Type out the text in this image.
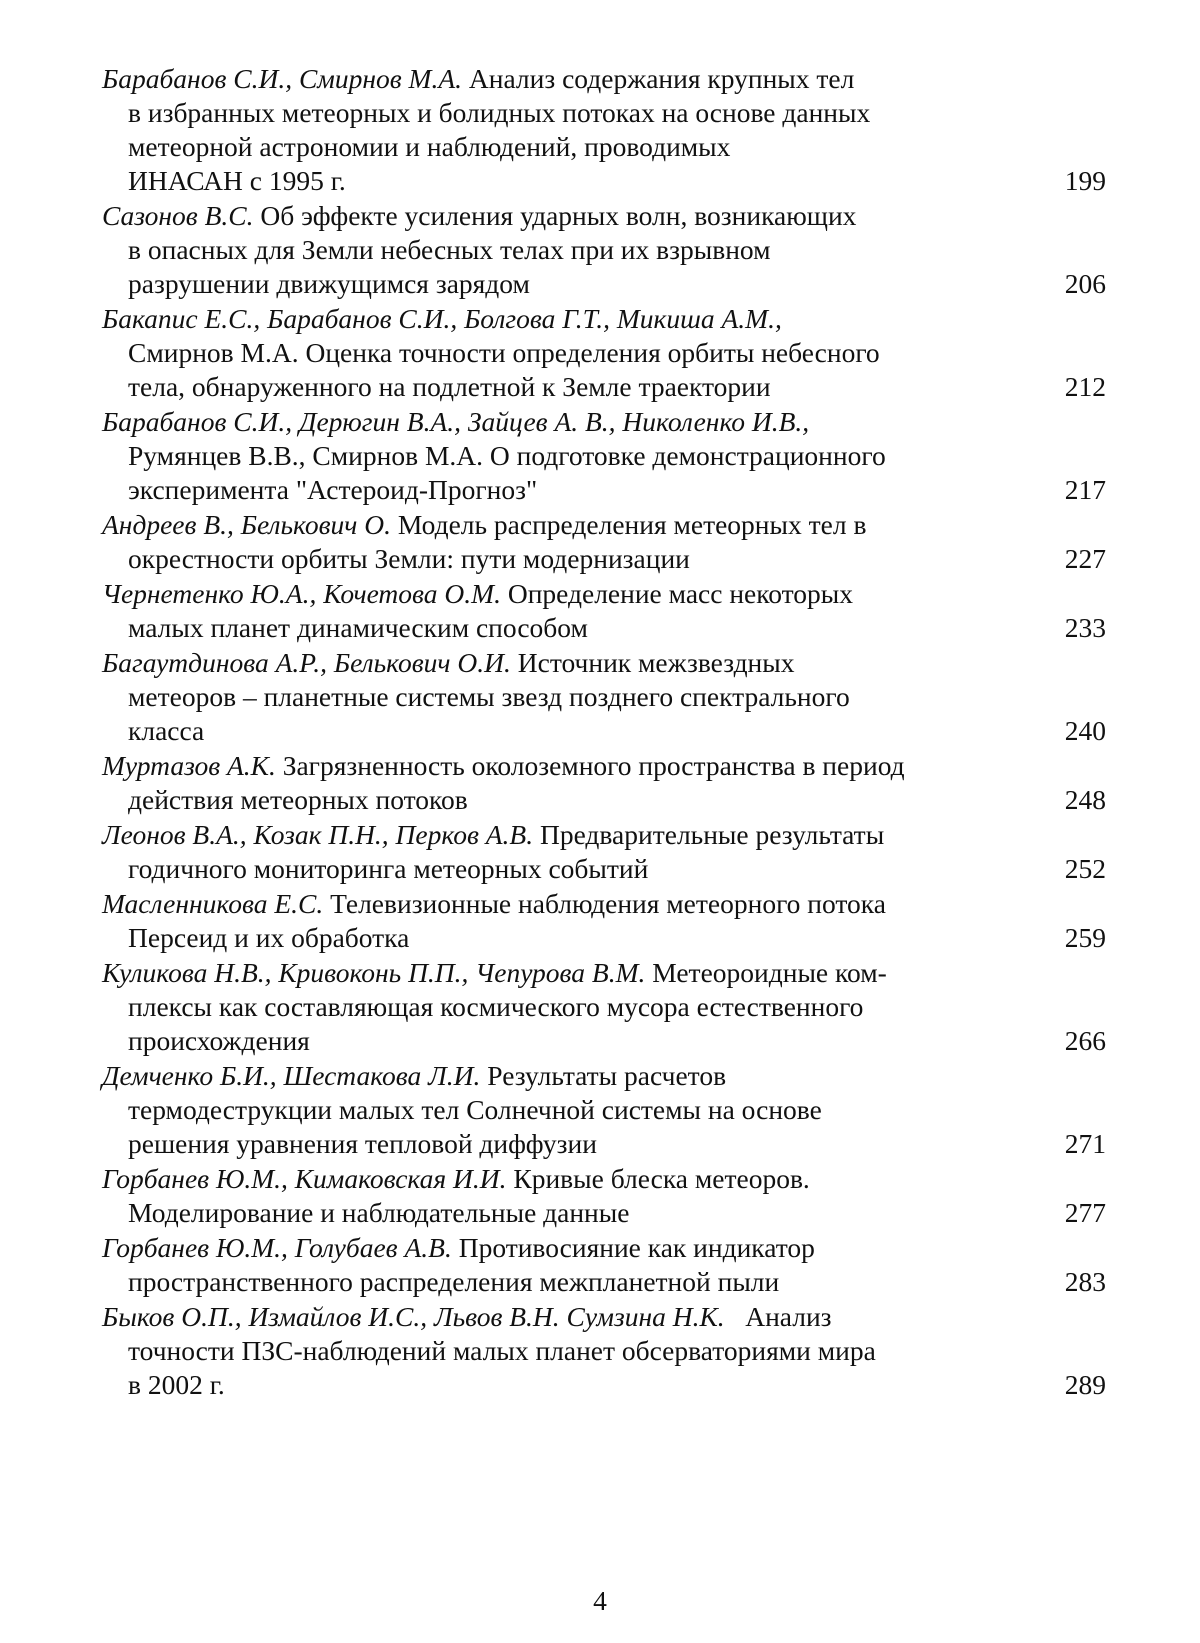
Барабанов С.И., Смирнов М.А. Анализ содержания крупных тел
в избранных метеорных и болидных потоках на основе данных
метеорной астрономии и наблюдений, проводимых
ИНАСАН с 1995 г.	199
Сазонов В.С. Об эффекте усиления ударных волн, возникающих
в опасных для Земли небесных телах при их взрывном
разрушении движущимся зарядом	206
Бакапис Е.С., Барабанов С.И., Болгова Г.Т., Микиша А.М.,
Смирнов М.А. Оценка точности определения орбиты небесного
тела, обнаруженного на подлетной к Земле траектории	212
Барабанов С.И., Дерюгин В.А., Зайцев А. В., Николенко И.В.,
Румянцев В.В., Смирнов М.А. О подготовке демонстрационного
эксперимента "Астероид-Прогноз"	217
Андреев В., Белькович О. Модель распределения метеорных тел в
окрестности орбиты Земли: пути модернизации	227
Чернетенко Ю.А., Кочетова О.М. Определение масс некоторых
малых планет динамическим способом	233
Багаутдинова А.Р., Белькович О.И. Источник межзвездных
метеоров – планетные системы звезд позднего спектрального
класса	240
Муртазов А.К. Загрязненность околоземного пространства в период
действия метеорных потоков	248
Леонов В.А., Козак П.Н., Перков А.В. Предварительные результаты
годичного мониторинга метеорных событий	252
Масленникова Е.С. Телевизионные наблюдения метеорного потока
Персеид и их обработка	259
Куликова Н.В., Кривоконь П.П., Чепурова В.М. Метеороидные ком-
плексы как составляющая космического мусора естественного
происхождения	266
Демченко Б.И., Шестакова Л.И. Результаты расчетов
термодеструкции малых тел Солнечной системы на основе
решения уравнения тепловой диффузии	271
Горбанев Ю.М., Кимаковская И.И. Кривые блеска метеоров.
Моделирование и наблюдательные данные	277
Горбанев Ю.М., Голубаев А.В. Противосияние как индикатор
пространственного распределения межпланетной пыли	283
Быков О.П., Измайлов И.С., Львов В.Н. Сумзина Н.К.   Анализ
точности ПЗС-наблюдений малых планет обсерваториями мира
в 2002 г.	289
4
